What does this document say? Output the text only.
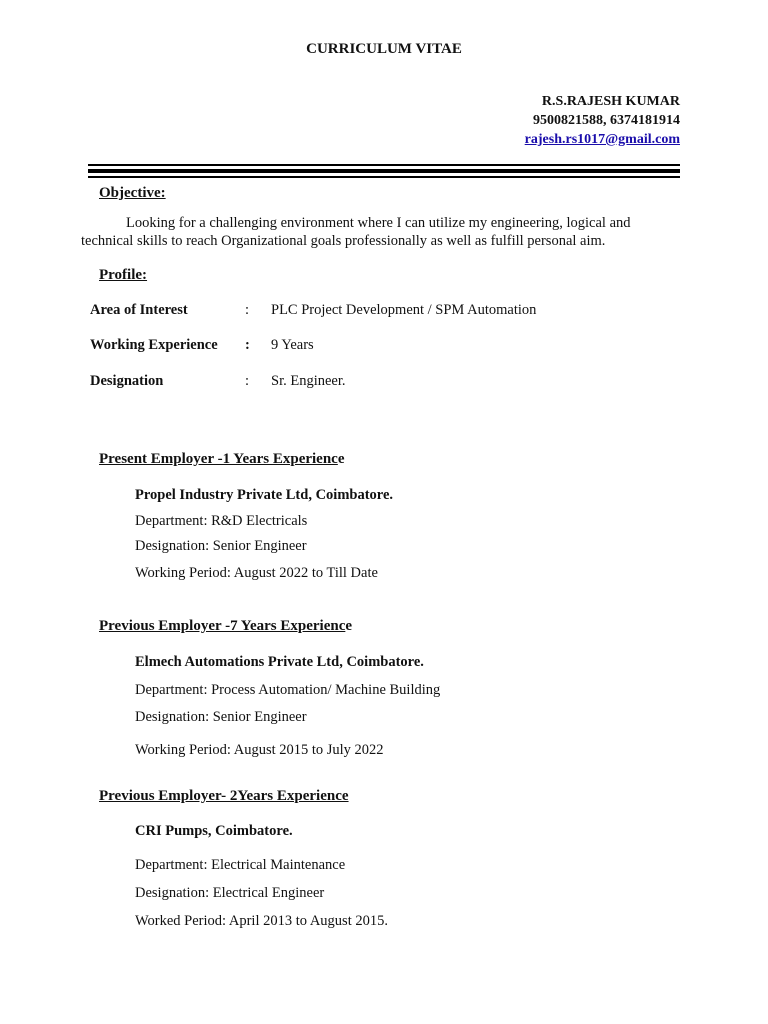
CURRICULUM VITAE
R.S.RAJESH KUMAR
9500821588, 6374181914
rajesh.rs1017@gmail.com
Objective:
Looking for a challenging environment where I can utilize my engineering, logical and technical skills to reach Organizational goals professionally as well as fulfill personal aim.
Profile:
Area of Interest	: PLC Project Development / SPM Automation
Working Experience : 9 Years
Designation	: Sr. Engineer.
Present Employer -1 Years Experience
Propel Industry Private Ltd, Coimbatore.
Department: R&D Electricals
Designation: Senior Engineer
Working Period: August 2022 to Till Date
Previous Employer -7 Years Experience
Elmech Automations Private Ltd, Coimbatore.
Department: Process Automation/ Machine Building
Designation: Senior Engineer
Working Period: August 2015 to July 2022
Previous Employer- 2Years Experience
CRI Pumps, Coimbatore.
Department: Electrical Maintenance
Designation: Electrical Engineer
Worked Period: April 2013 to August 2015.
